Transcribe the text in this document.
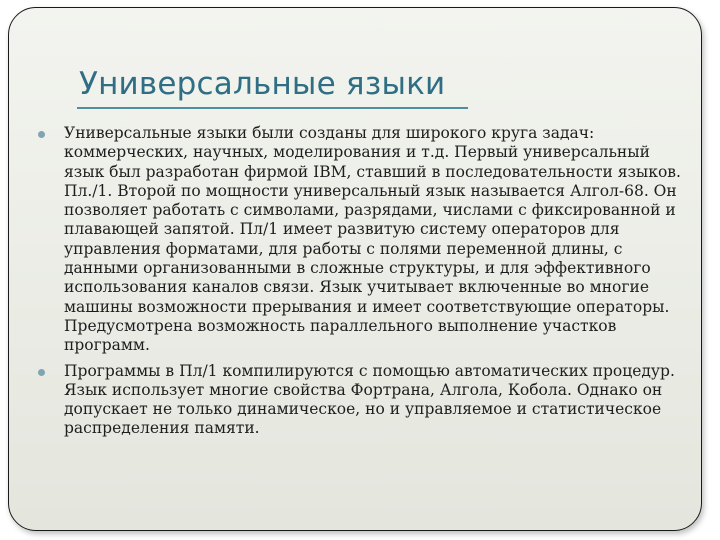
Универсальные языки
Универсальные языки были созданы для широкого круга задач: коммерческих, научных, моделирования и т.д. Первый универсальный язык был разработан фирмой IBM, ставший в последовательности языков. Пл./1. Второй по мощности универсальный язык называется Алгол-68. Он позволяет работать с символами, разрядами, числами с фиксированной и плавающей запятой. Пл/1 имеет развитую систему операторов для управления форматами, для работы с полями переменной длины, с данными организованными в сложные структуры, и для эффективного использования каналов связи. Язык учитывает включенные во многие машины возможности прерывания и имеет соответствующие операторы. Предусмотрена возможность параллельного выполнение участков программ.
Программы в Пл/1 компилируются с помощью автоматических процедур. Язык использует многие свойства Фортрана, Алгола, Кобола. Однако он допускает не только динамическое, но и управляемое и статистическое распределения памяти.
